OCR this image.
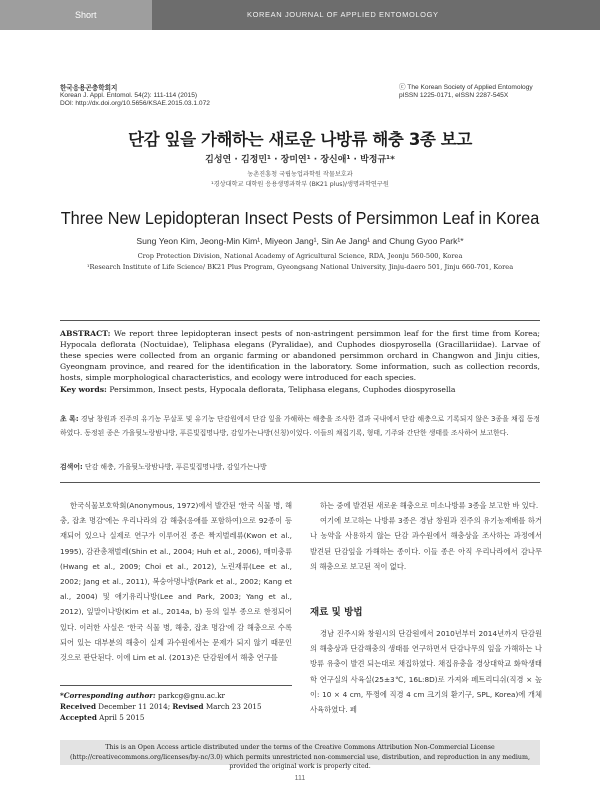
Short Communication
KOREAN JOURNAL OF APPLIED ENTOMOLOGY
한국응용곤충학회지
Korean J. Appl. Entomol. 54(2): 111-114 (2015)
DOI: http://dx.doi.org/10.5656/KSAE.2015.03.1.072
ⓒ The Korean Society of Applied Entomology
pISSN 1225-0171, eISSN 2287-545X
단감 잎을 가해하는 새로운 나방류 해충 3종 보고
김성연 · 김정민¹ · 장미연¹ · 장신애¹ · 박정규¹*
농촌진흥청 국립농업과학원 작물보호과
¹경상대학교 대학원 응용생명과학부 (BK21 plus)/생명과학연구원
Three New Lepidopteran Insect Pests of Persimmon Leaf in Korea
Sung Yeon Kim, Jeong-Min Kim¹, Miyeon Jang¹, Sin Ae Jang¹ and Chung Gyoo Park¹*
Crop Protection Division, National Academy of Agricultural Science, RDA, Jeonju 560-500, Korea
¹Research Institute of Life Science/ BK21 Plus Program, Gyeongsang National University, Jinju-daero 501, Jinju 660-701, Korea
ABSTRACT: We report three lepidopteran insect pests of non-astringent persimmon leaf for the first time from Korea; Hypocala deflorata (Noctuidae), Teliphasa elegans (Pyralidae), and Cuphodes diospyrosella (Gracillariidae). Larvae of these species were collected from an organic farming or abandoned persimmon orchard in Changwon and Jinju cities, Gyeongnam province, and reared for the identification in the laboratory. Some information, such as collection records, hosts, simple morphological characteristics, and ecology were introduced for each species.
Key words: Persimmon, Insect pests, Hypocala deflorata, Teliphasa elegans, Cuphodes diospyrosella
초 록: 경남 창원과 진주의 유기농 무살포 및 유기농 단감원에서 단감 잎을 가해하는 해충을 조사한 결과 국내에서 단감 해충으로 기록되지 않은 3종을 채집 동정하였다. 동정된 종은 가을뒷노랑밤나방, 푸른빛집명나방, 감잎가는나방(신칭)이었다. 이들의 채집기록, 형태, 기주와 간단한 생태를 조사하여 보고한다.
검색어: 단감 해충, 가을뒷노랑밤나방, 푸른빛집명나방, 감잎가는나방
한국식물보호학회(Anonymous, 1972)에서 발간된 '한국 식물 병, 해충, 잡초 명감'에는 우리나라의 감 해충(응애를 포함하여)으로 92종이 등재되어 있으나 실제로 연구가 이루어진 종은 짝지벌레류(Kwon et al., 1995), 감관총채벌레(Shin et al., 2004; Huh et al., 2006), 매미충류(Hwang et al., 2009; Choi et al., 2012), 노린재류(Lee et al., 2002; Jang et al., 2011), 복숭아명나방(Park et al., 2002; Kang et al., 2004) 및 애기유리나방(Lee and Park, 2003; Yang et al., 2012), 잎말이나방(Kim et al., 2014a, b) 등의 일부 종으로 한정되어 있다. 이러한 사실은 '한국 식물 병, 해충, 잡초 명감'에 감 해충으로 수록되어 있는 대부분의 해충이 실제 과수원에서는 문제가 되지 않기 때문인 것으로 판단된다. 이에 Lim et al. (2013)은 단감원에서 해충 연구를

하는 중에 발견된 새로운 해충으로 미소나방류 3종을 보고한 바 있다.

여기에 보고하는 나방류 3종은 경남 창원과 진주의 유기농재배를 하거나 농약을 사용하지 않는 단감 과수원에서 해충상을 조사하는 과정에서 발견된 단감잎을 가해하는 종이다. 이들 종은 아직 우리나라에서 감나무의 해충으로 보고된 적이 없다.

재료 및 방법
경남 진주시와 창원시의 단감원에서 2010년부터 2014년까지 단감원의 해충상과 단감해충의 생태를 연구하면서 단감나무의 잎을 가해하는 나방류 유충이 발견 되는대로 채집하였다. 채집유충을 경상대학교 화학생태학 연구실의 사육실(25±3℃, 16L:8D)로 가져와 페트리디쉬(직경 × 높이: 10 × 4 cm, 뚜껑에 직경 4 cm 크기의 환기구, SPL, Korea)에 개체 사육하였다. 페
*Corresponding author: parkcg@gnu.ac.kr
Received December 11 2014; Revised March 23 2015
Accepted April 5 2015
This is an Open Access article distributed under the terms of the Creative Commons Attribution Non-Commercial License (http://creativecommons.org/licenses/by-nc/3.0) which permits unrestricted non-commercial use, distribution, and reproduction in any medium, provided the original work is properly cited.
111
